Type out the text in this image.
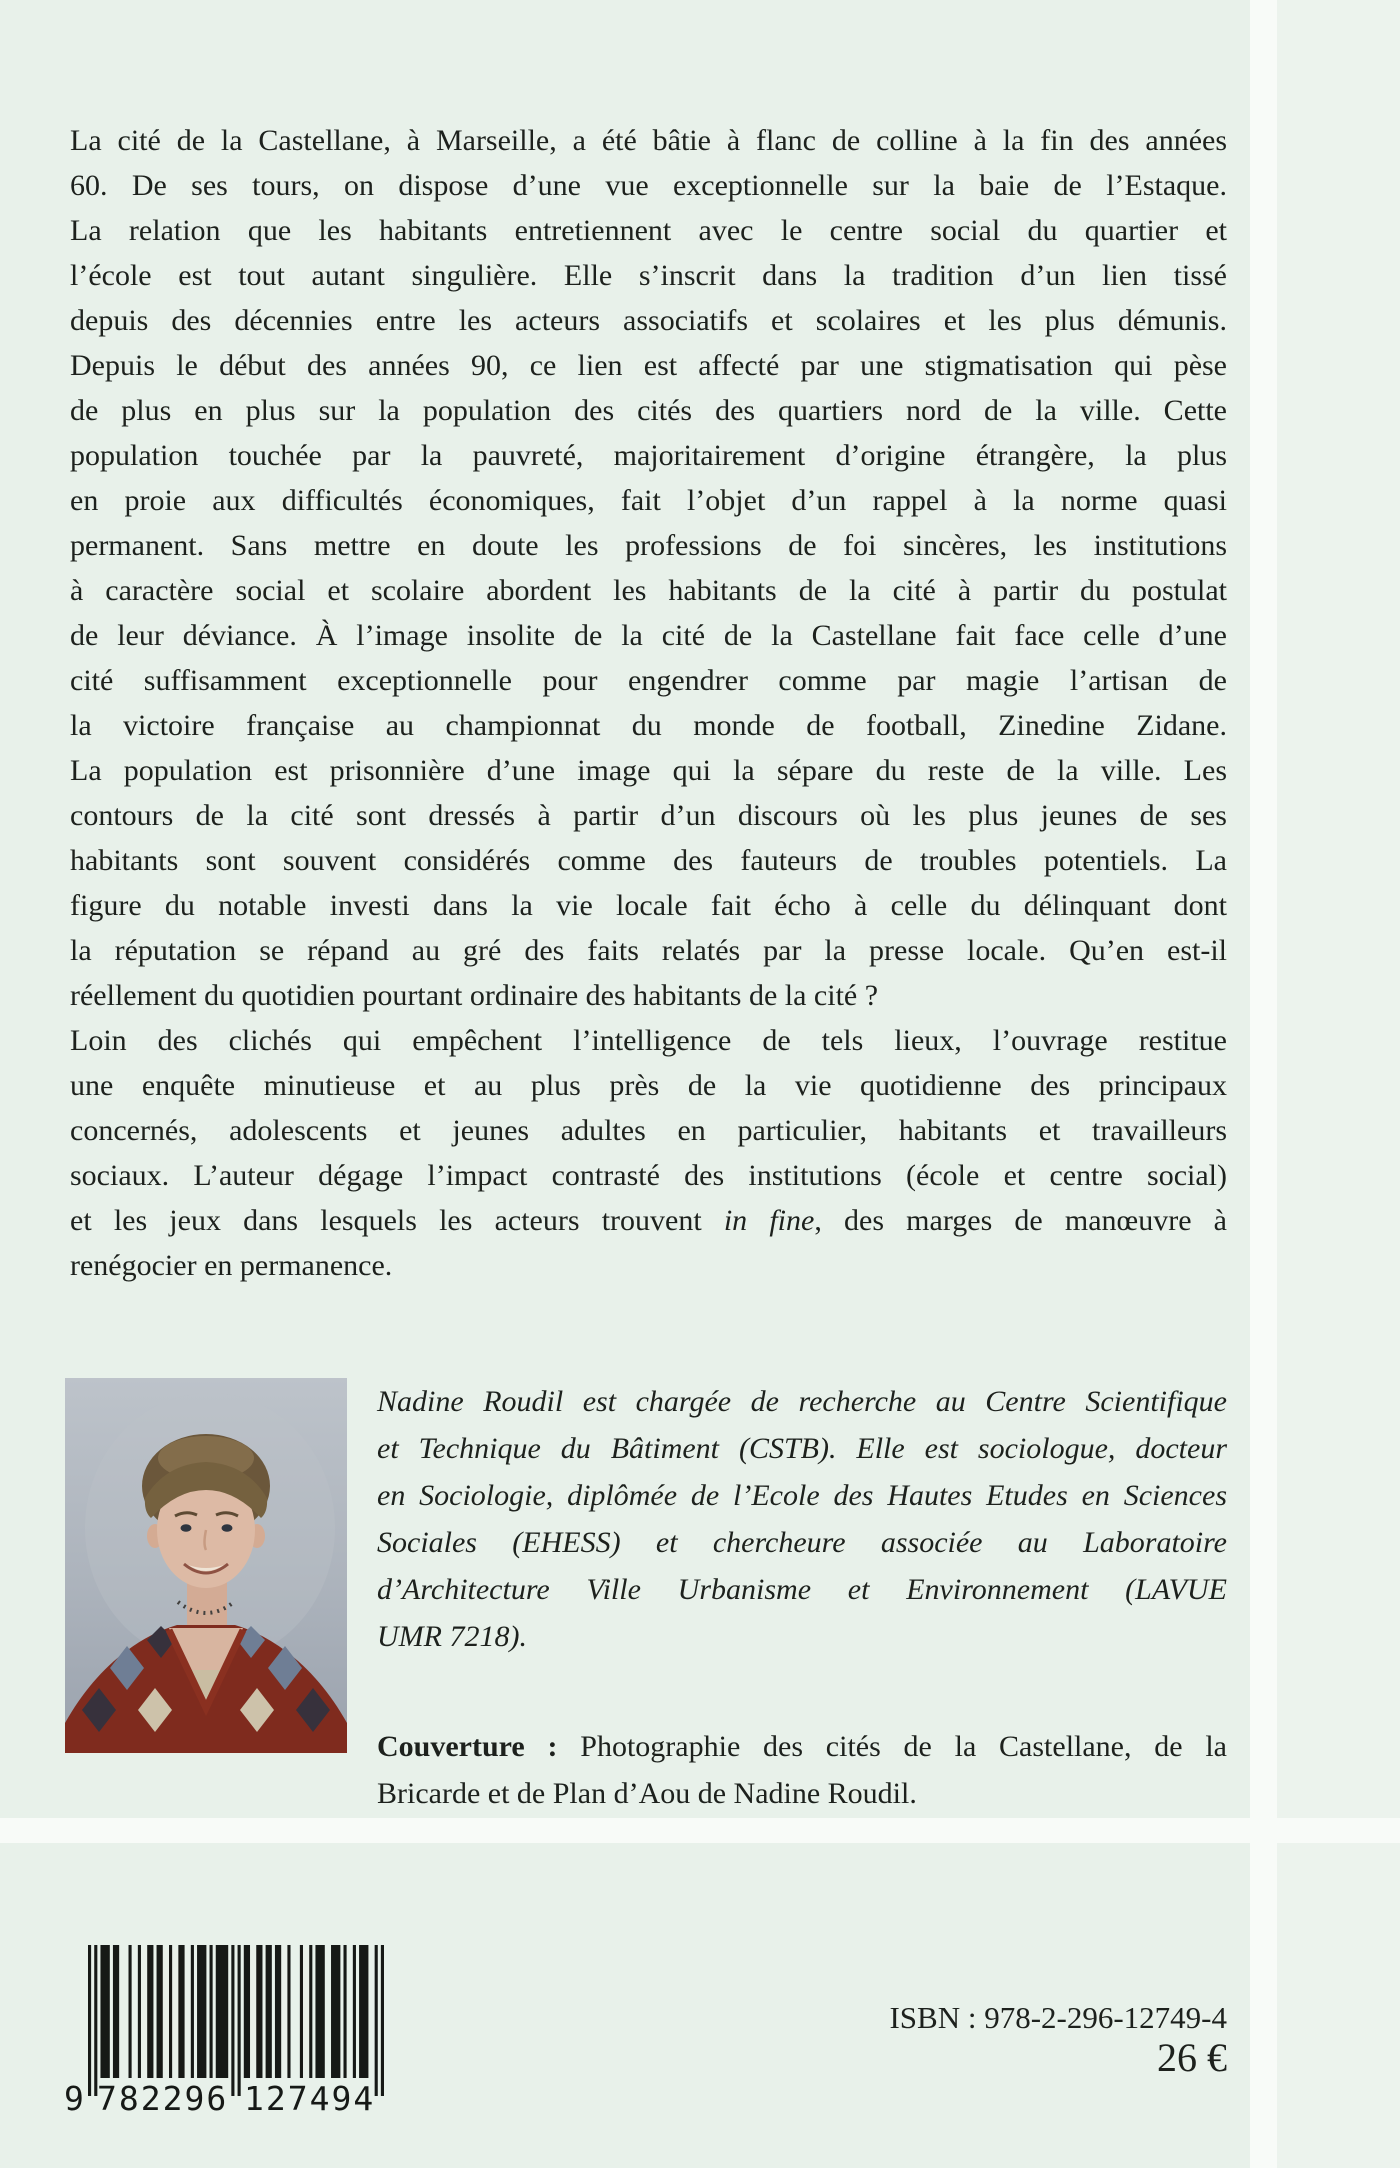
La cité de la Castellane, à Marseille, a été bâtie à flanc de colline à la fin des années
60. De ses tours, on dispose d’une vue exceptionnelle sur la baie de l’Estaque.
La relation que les habitants entretiennent avec le centre social du quartier et
l’école est tout autant singulière. Elle s’inscrit dans la tradition d’un lien tissé
depuis des décennies entre les acteurs associatifs et scolaires et les plus démunis.
Depuis le début des années 90, ce lien est affecté par une stigmatisation qui pèse
de plus en plus sur la population des cités des quartiers nord de la ville. Cette
population touchée par la pauvreté, majoritairement d’origine étrangère, la plus
en proie aux difficultés économiques, fait l’objet d’un rappel à la norme quasi
permanent. Sans mettre en doute les professions de foi sincères, les institutions
à caractère social et scolaire abordent les habitants de la cité à partir du postulat
de leur déviance. À l’image insolite de la cité de la Castellane fait face celle d’une
cité suffisamment exceptionnelle pour engendrer comme par magie l’artisan de
la victoire française au championnat du monde de football, Zinedine Zidane.
La population est prisonnière d’une image qui la sépare du reste de la ville. Les
contours de la cité sont dressés à partir d’un discours où les plus jeunes de ses
habitants sont souvent considérés comme des fauteurs de troubles potentiels. La
figure du notable investi dans la vie locale fait écho à celle du délinquant dont
la réputation se répand au gré des faits relatés par la presse locale. Qu’en est-il
réellement du quotidien pourtant ordinaire des habitants de la cité ?
Loin des clichés qui empêchent l’intelligence de tels lieux, l’ouvrage restitue
une enquête minutieuse et au plus près de la vie quotidienne des principaux
concernés, adolescents et jeunes adultes en particulier, habitants et travailleurs
sociaux. L’auteur dégage l’impact contrasté des institutions (école et centre social)
et les jeux dans lesquels les acteurs trouvent in fine, des marges de manœuvre à
renégocier en permanence.
Nadine Roudil est chargée de recherche au Centre Scientifique
et Technique du Bâtiment (CSTB). Elle est sociologue, docteur
en Sociologie, diplômée de l’Ecole des Hautes Etudes en Sciences
Sociales (EHESS) et chercheure associée au Laboratoire
d’Architecture Ville Urbanisme et Environnement (LAVUE
UMR 7218).
Couverture : Photographie des cités de la Castellane, de la
Bricarde et de Plan d’Aou de Nadine Roudil.
ISBN : 978-2-296-12749-4
26 €
9 782296 127494
